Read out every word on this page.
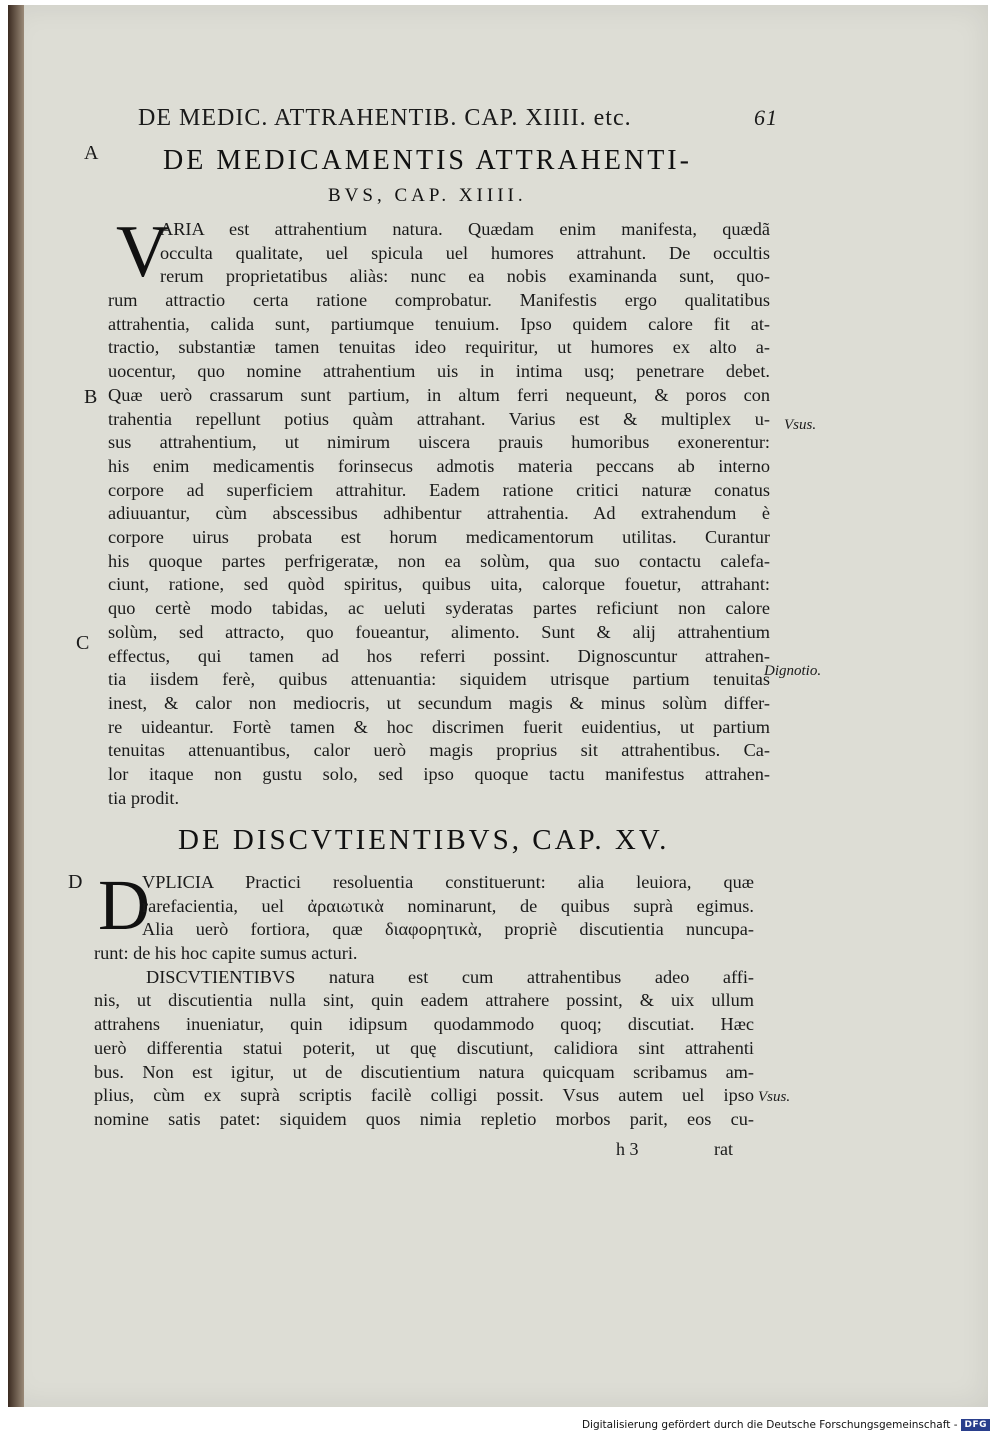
DE MEDIC. ATTRAHENTIB. CAP. XIIII. etc.	61
A DE MEDICAMENTIS ATTRAHENTI-
BVS, CAP. XIIII.
V
ARIA est attrahentium natura. Quædam enim manifesta, quædã
occulta qualitate, uel spicula uel humores attrahunt. De occultis
rerum proprietatibus aliàs: nunc ea nobis examinanda sunt, quo-
rum attractio certa ratione comprobatur. Manifestis ergo qualitatibus
attrahentia, calida sunt, partiumque tenuium. Ipso quidem calore fit at-
tractio, substantiæ tamen tenuitas ideo requiritur, ut humores ex alto a-
uocentur, quo nomine attrahentium uis in intima usq; penetrare debet.
Quæ uerò crassarum sunt partium, in altum ferri nequeunt, & poros con
trahentia repellunt potius quàm attrahant. Varius est & multiplex u-
sus attrahentium, ut nimirum uiscera prauis humoribus exonerentur:
his enim medicamentis forinsecus admotis materia peccans ab interno
corpore ad superficiem attrahitur. Eadem ratione critici naturæ conatus
adiuuantur, cùm abscessibus adhibentur attrahentia. Ad extrahendum è
corpore uirus probata est horum medicamentorum utilitas. Curantur
his quoque partes perfrigeratæ, non ea solùm, qua suo contactu calefa-
ciunt, ratione, sed quòd spiritus, quibus uita, calorque fouetur, attrahant:
quo certè modo tabidas, ac ueluti syderatas partes reficiunt non calore
solùm, sed attracto, quo foueantur, alimento. Sunt & alij attrahentium
effectus, qui tamen ad hos referri possint. Dignoscuntur attrahen-
tia iisdem ferè, quibus attenuantia: siquidem utrisque partium tenuitas
inest, & calor non mediocris, ut secundum magis & minus solùm differ-
re uideantur. Fortè tamen & hoc discrimen fuerit euidentius, ut partium
tenuitas attenuantibus, calor uerò magis proprius sit attrahentibus. Ca-
lor itaque non gustu solo, sed ipso quoque tactu manifestus attrahen-
tia prodit.
B
C
Vsus.
Dignotio.
DE DISCVTIENTIBVS, CAP. XV.
D D
VPLICIA Practici resoluentia constituerunt: alia leuiora, quæ
rarefacientia, uel ἀραιωτικὰ nominarunt, de quibus suprà egimus.
Alia uerò fortiora, quæ διαφορητικὰ, propriè discutientia nuncupa-
runt: de his hoc capite sumus acturi.
DISCVTIENTIBVS natura est cum attrahentibus adeo affi-
nis, ut discutientia nulla sint, quin eadem attrahere possint, & uix ullum
attrahens inueniatur, quin idipsum quodammodo quoq; discutiat. Hæc
uerò differentia statui poterit, ut quę discutiunt, calidiora sint attrahenti
bus. Non est igitur, ut de discutientium natura quicquam scribamus am-
plius, cùm ex suprà scriptis facilè colligi possit. Vsus autem uel ipso
nomine satis patet: siquidem quos nimia repletio morbos parit, eos cu-
Vsus.
h 3	rat
Digitalisierung gefördert durch die Deutsche Forschungsgemeinschaft - DFG
